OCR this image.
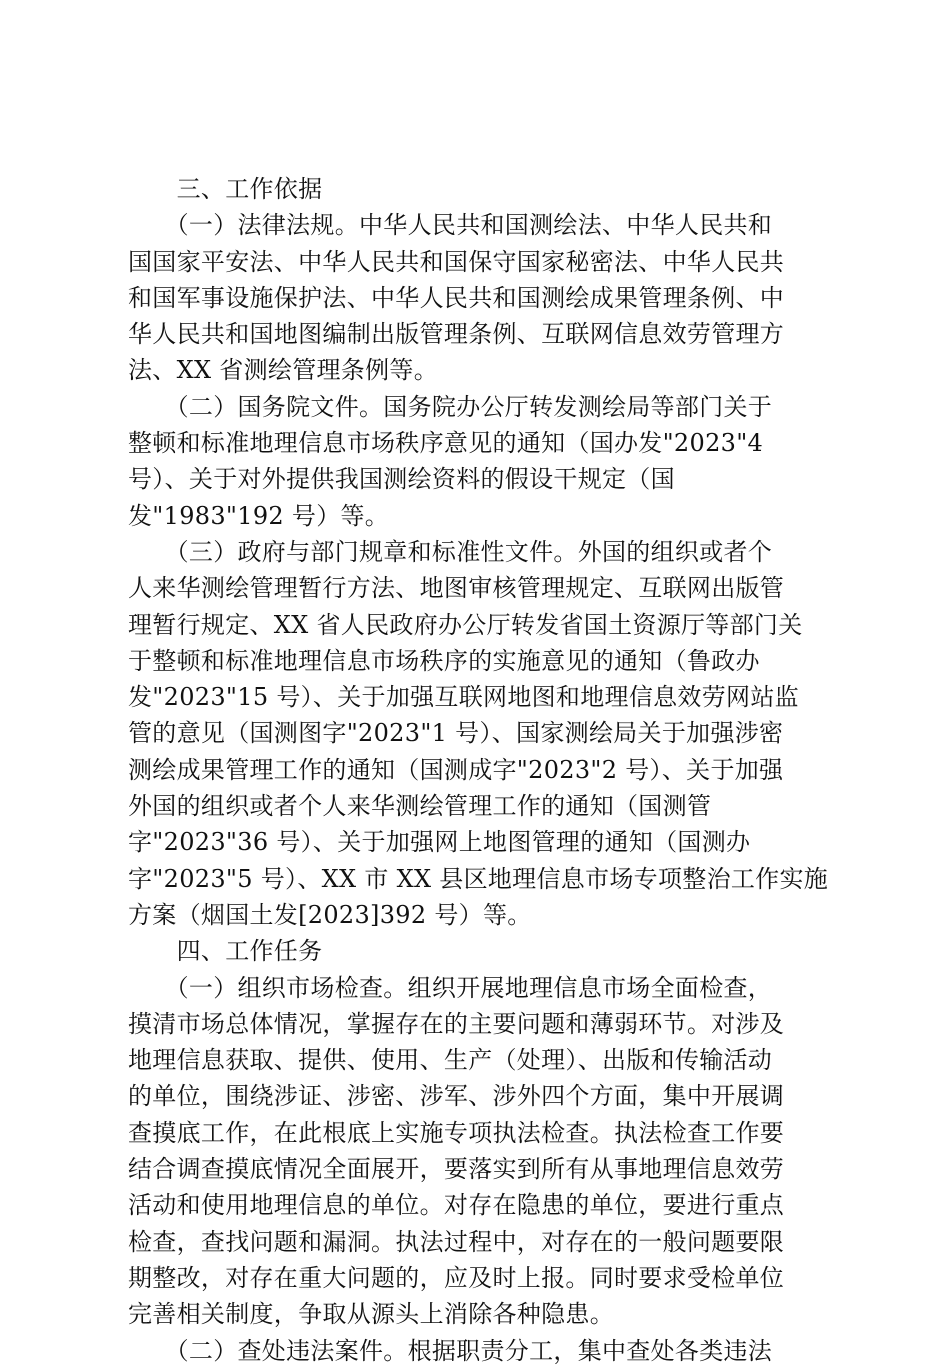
　　三、工作依据
　　（一）法律法规。中华人民共和国测绘法、中华人民共和
国国家平安法、中华人民共和国保守国家秘密法、中华人民共
和国军事设施保护法、中华人民共和国测绘成果管理条例、中
华人民共和国地图编制出版管理条例、互联网信息效劳管理方
法、XX 省测绘管理条例等。
　　（二）国务院文件。国务院办公厅转发测绘局等部门关于
整顿和标准地理信息市场秩序意见的通知（国办发"2023"4
号）、关于对外提供我国测绘资料的假设干规定（国
发"1983"192 号）等。
　　（三）政府与部门规章和标准性文件。外国的组织或者个
人来华测绘管理暂行方法、地图审核管理规定、互联网出版管
理暂行规定、XX 省人民政府办公厅转发省国土资源厅等部门关
于整顿和标准地理信息市场秩序的实施意见的通知（鲁政办
发"2023"15 号）、关于加强互联网地图和地理信息效劳网站监
管的意见（国测图字"2023"1 号）、国家测绘局关于加强涉密
测绘成果管理工作的通知（国测成字"2023"2 号）、关于加强
外国的组织或者个人来华测绘管理工作的通知（国测管
字"2023"36 号）、关于加强网上地图管理的通知（国测办
字"2023"5 号）、XX 市 XX 县区地理信息市场专项整治工作实施
方案（烟国土发[2023]392 号）等。
　　四、工作任务
　　（一）组织市场检查。组织开展地理信息市场全面检查，
摸清市场总体情况，掌握存在的主要问题和薄弱环节。对涉及
地理信息获取、提供、使用、生产（处理）、出版和传输活动
的单位，围绕涉证、涉密、涉军、涉外四个方面，集中开展调
查摸底工作，在此根底上实施专项执法检查。执法检查工作要
结合调查摸底情况全面展开，要落实到所有从事地理信息效劳
活动和使用地理信息的单位。对存在隐患的单位，要进行重点
检查，查找问题和漏洞。执法过程中，对存在的一般问题要限
期整改，对存在重大问题的，应及时上报。同时要求受检单位
完善相关制度，争取从源头上消除各种隐患。
　　（二）查处违法案件。根据职责分工，集中查处各类违法
